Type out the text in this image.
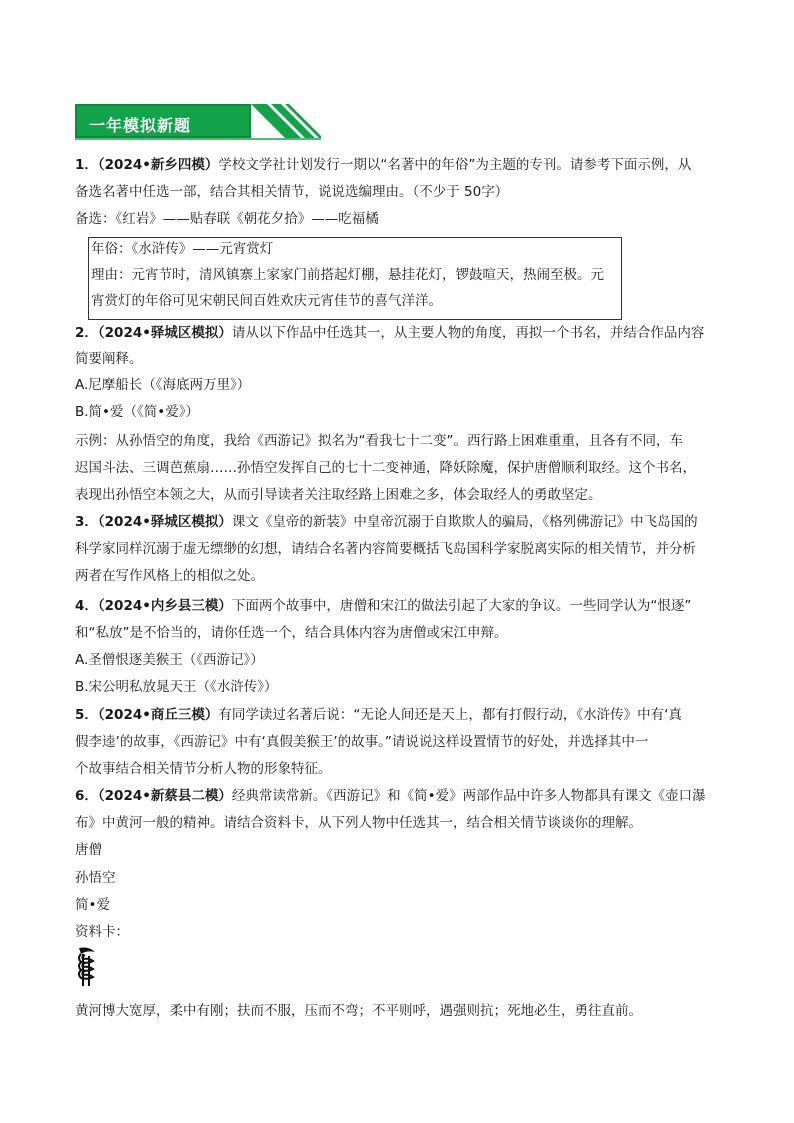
一年模拟新题
1．（2024•新乡四模）学校文学社计划发行一期以“名著中的年俗”为主题的专刊。请参考下面示例，从
备选名著中任选一部，结合其相关情节，说说选编理由。（不少于 50字）
备选：《红岩》——贴春联《朝花夕拾》——吃福橘
年俗：《水浒传》——元宵赏灯
理由：元宵节时，清风镇寨上家家门前搭起灯棚，悬挂花灯，锣鼓喧天，热闹至极。元
宵赏灯的年俗可见宋朝民间百姓欢庆元宵佳节的喜气洋洋。
2．（2024•驿城区模拟）请从以下作品中任选其一，从主要人物的角度，再拟一个书名，并结合作品内容
简要阐释。
A.尼摩船长（《海底两万里》）
B.简•爱（《简•爱》）
示例：从孙悟空的角度，我给《西游记》拟名为“看我七十二变”。西行路上困难重重，且各有不同，车
迟国斗法、三调芭蕉扇……孙悟空发挥自己的七十二变神通，降妖除魔，保护唐僧顺利取经。这个书名，
表现出孙悟空本领之大，从而引导读者关注取经路上困难之多，体会取经人的勇敢坚定。
3．（2024•驿城区模拟）课文《皇帝的新装》中皇帝沉溺于自欺欺人的骗局，《格列佛游记》中飞岛国的
科学家同样沉溺于虚无缥缈的幻想，请结合名著内容简要概括飞岛国科学家脱离实际的相关情节，并分析
两者在写作风格上的相似之处。
4．（2024•内乡县三模）下面两个故事中，唐僧和宋江的做法引起了大家的争议。一些同学认为“恨逐”
和“私放”是不恰当的，请你任选一个，结合具体内容为唐僧或宋江申辩。
A.圣僧恨逐美猴王（《西游记》）
B.宋公明私放晁天王（《水浒传》）
5．（2024•商丘三模）有同学读过名著后说：“无论人间还是天上，都有打假行动，《水浒传》中有‘真
假李逵’的故事，《西游记》中有‘真假美猴王’的故事。”请说说这样设置情节的好处，并选择其中一
个故事结合相关情节分析人物的形象特征。
6．（2024•新蔡县二模）经典常读常新。《西游记》和《简•爱》两部作品中许多人物都具有课文《壶口瀑
布》中黄河一般的精神。请结合资料卡，从下列人物中任选其一，结合相关情节谈谈你的理解。
唐僧
孙悟空
简•爱
资料卡：
黄河博大宽厚，柔中有刚；扶而不服，压而不弯；不平则呼，遇强则抗；死地必生，勇往直前。
